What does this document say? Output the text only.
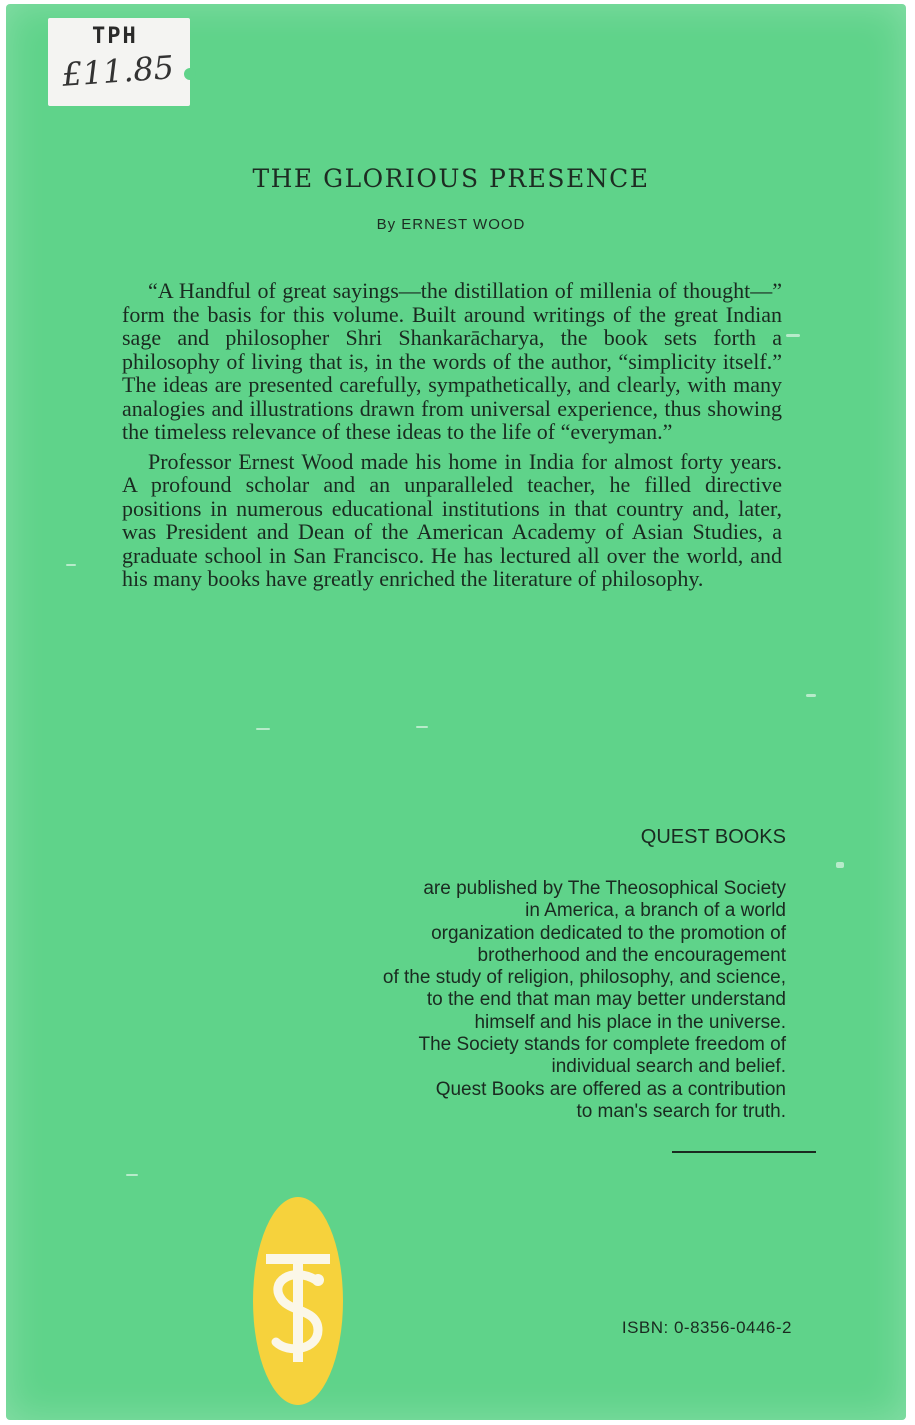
TPH
£11.85
THE GLORIOUS PRESENCE
By ERNEST WOOD

“A Handful of great sayings—the distillation of millenia of thought—” form the basis for this volume. Built around writings of the great Indian sage and philosopher Shri Shankarācharya, the book sets forth a philosophy of living that is, in the words of the author, “simplicity itself.” The ideas are presented carefully, sympathetically, and clearly, with many analogies and illustrations drawn from universal experience, thus showing the timeless relevance of these ideas to the life of “everyman.”

Professor Ernest Wood made his home in India for almost forty years. A profound scholar and an unparalleled teacher, he filled directive positions in numerous educational institutions in that country and, later, was President and Dean of the American Academy of Asian Studies, a graduate school in San Francisco. He has lectured all over the world, and his many books have greatly enriched the literature of philosophy.

QUEST BOOKS
are published by The Theosophical Society
in America, a branch of a world
organization dedicated to the promotion of
brotherhood and the encouragement
of the study of religion, philosophy, and science,
to the end that man may better understand
himself and his place in the universe.
The Society stands for complete freedom of
individual search and belief.
Quest Books are offered as a contribution
to man's search for truth.
ISBN: 0-8356-0446-2
